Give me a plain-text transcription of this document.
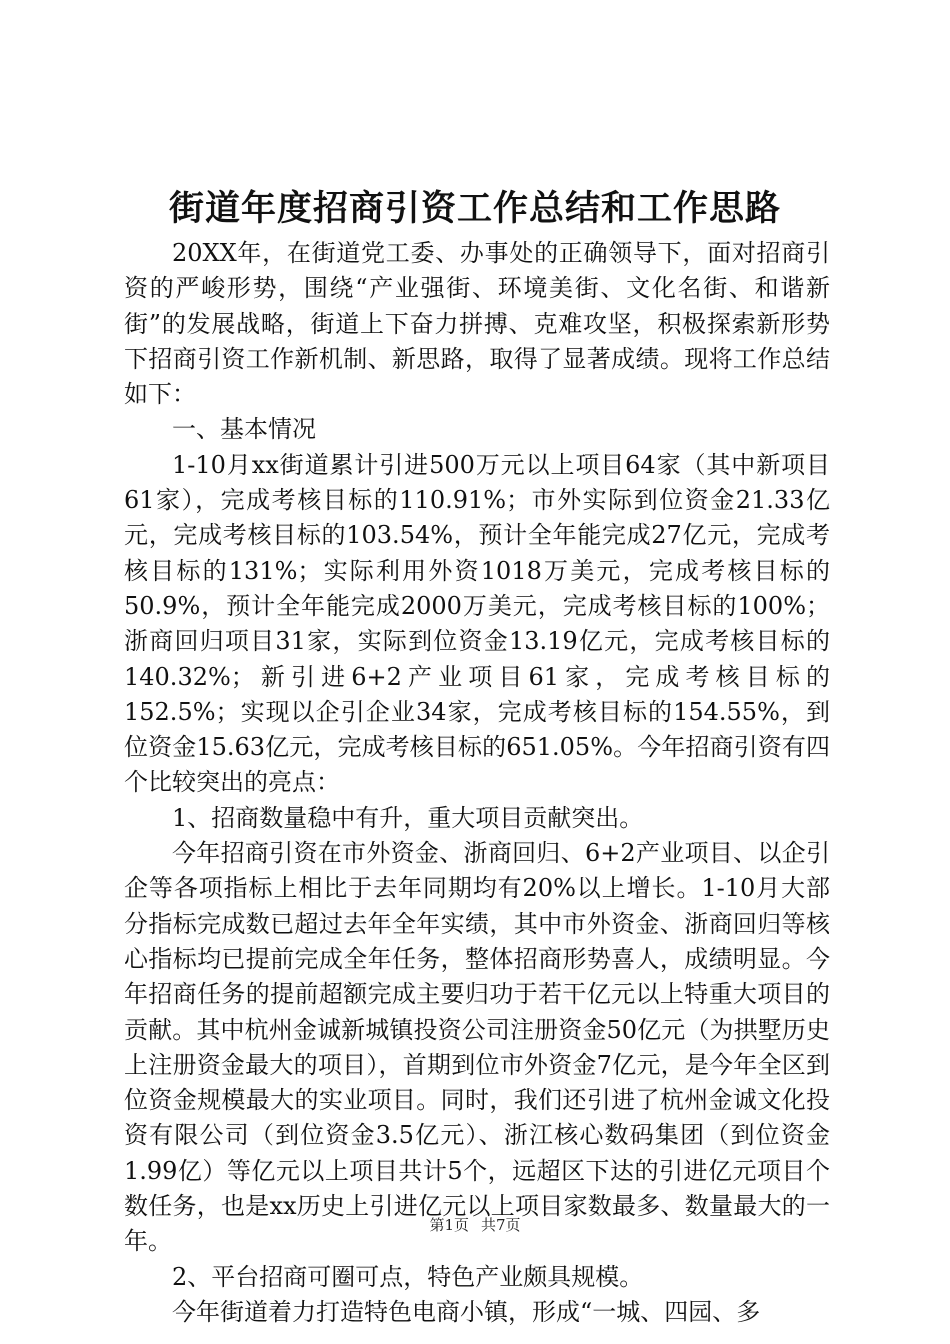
街道年度招商引资工作总结和工作思路

20XX年，在街道党工委、办事处的正确领导下，面对招商引资的严峻形势，围绕“产业强街、环境美街、文化名街、和谐新街”的发展战略，街道上下奋力拼搏、克难攻坚，积极探索新形势下招商引资工作新机制、新思路，取得了显著成绩。现将工作总结如下：

一、基本情况

1-10月xx街道累计引进500万元以上项目64家（其中新项目61家），完成考核目标的110.91%；市外实际到位资金21.33亿元，完成考核目标的103.54%，预计全年能完成27亿元，完成考核目标的131%；实际利用外资1018万美元，完成考核目标的50.9%，预计全年能完成2000万美元，完成考核目标的100%；浙商回归项目31家，实际到位资金13.19亿元，完成考核目标的140.32%；新引进6+2产业项目61家，完成考核目标的152.5%；实现以企引企业34家，完成考核目标的154.55%，到位资金15.63亿元，完成考核目标的651.05%。今年招商引资有四个比较突出的亮点：

1、招商数量稳中有升，重大项目贡献突出。

今年招商引资在市外资金、浙商回归、6+2产业项目、以企引企等各项指标上相比于去年同期均有20%以上增长。1-10月大部分指标完成数已超过去年全年实绩，其中市外资金、浙商回归等核心指标均已提前完成全年任务，整体招商形势喜人，成绩明显。今年招商任务的提前超额完成主要归功于若干亿元以上特重大项目的贡献。其中杭州金诚新城镇投资公司注册资金50亿元（为拱墅历史上注册资金最大的项目），首期到位市外资金7亿元，是今年全区到位资金规模最大的实业项目。同时，我们还引进了杭州金诚文化投资有限公司（到位资金3.5亿元）、浙江核心数码集团（到位资金1.99亿）等亿元以上项目共计5个，远超区下达的引进亿元项目个数任务，也是xx历史上引进亿元以上项目家数最多、数量最大的一年。

2、平台招商可圈可点，特色产业颇具规模。

今年街道着力打造特色电商小镇，形成“一城、四园、多

第1页 共7页
